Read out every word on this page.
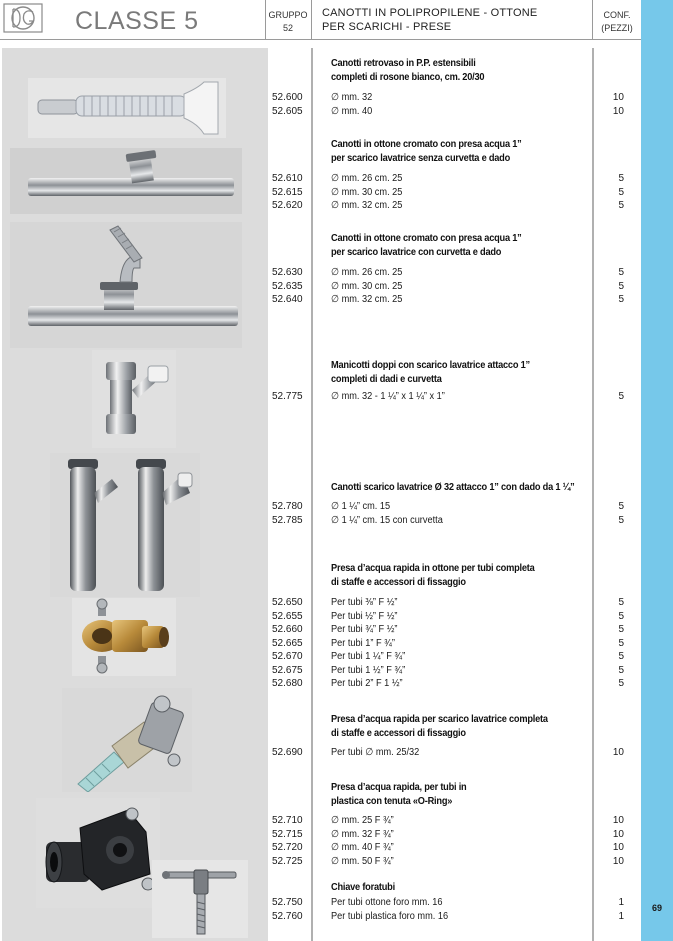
CLASSE 5	GRUPPO
52
CANOTTI IN POLIPROPILENE - OTTONE
PER SCARICHI - PRESE
CONF.
(PEZZI)
69
Canotti retrovaso in P.P. estensibili
completi di rosone bianco, cm. 20/30
52.600	∅ mm. 32	10
52.605	∅ mm. 40	10
Canotti in ottone cromato con presa acqua 1”
per scarico lavatrice senza curvetta e dado
52.610	∅ mm. 26 cm. 25	5
52.615	∅ mm. 30 cm. 25	5
52.620	∅ mm. 32 cm. 25	5
Canotti in ottone cromato con presa acqua 1”
per scarico lavatrice con curvetta e dado
52.630	∅ mm. 26 cm. 25	5
52.635	∅ mm. 30 cm. 25	5
52.640	∅ mm. 32 cm. 25	5
Manicotti doppi con scarico lavatrice attacco 1”
completi di dadi e curvetta
52.775	∅ mm. 32 - 1 ¼” x 1 ¼” x 1”	5
Canotti scarico lavatrice Ø 32 attacco 1” con dado da 1 ¼”
52.780	∅ 1 ¼” cm. 15	5
52.785	∅ 1 ¼” cm. 15 con curvetta	5
Presa d’acqua rapida in ottone per tubi completa
di staffe e accessori di fissaggio
52.650	Per tubi ⅜” F ½”	5
52.655	Per tubi ½” F ½”	5
52.660	Per tubi ¾” F ½”	5
52.665	Per tubi 1” F ¾”	5
52.670	Per tubi 1 ¼” F ¾”	5
52.675	Per tubi 1 ½” F ¾”	5
52.680	Per tubi 2” F 1 ½”	5
Presa d’acqua rapida per scarico lavatrice completa
di staffe e accessori di fissaggio
52.690	Per tubi ∅ mm. 25/32	10
Presa d’acqua rapida, per tubi in
plastica con tenuta «O-Ring»
52.710	∅ mm. 25 F ¾”	10
52.715	∅ mm. 32 F ¾”	10
52.720	∅ mm. 40 F ¾”	10
52.725	∅ mm. 50 F ¾”	10
Chiave foratubi
52.750	Per tubi ottone foro mm. 16	1
52.760	Per tubi plastica foro mm. 16	1
